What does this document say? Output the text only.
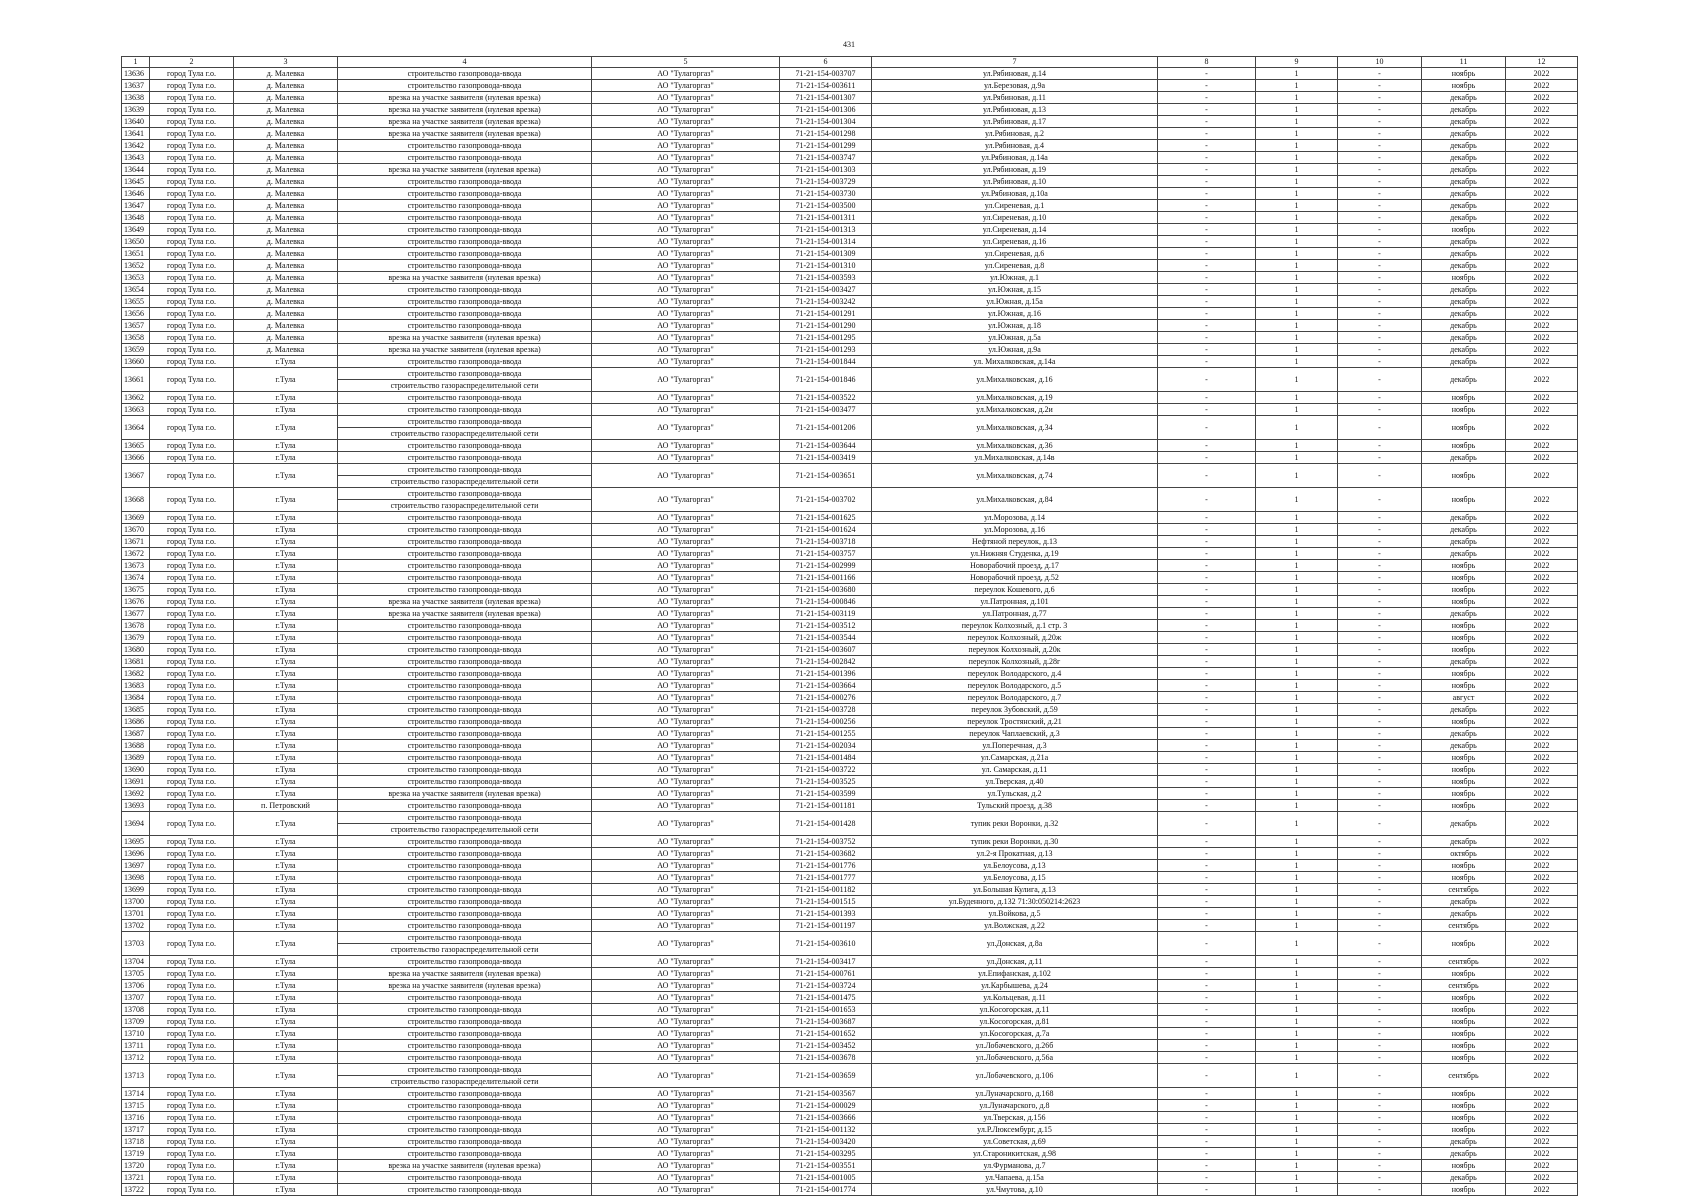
431
1	2	3	4	5	6	7	8	9	10	11	12
13636	город Тула г.о.	д. Малевка	строительство газопровода-ввода	АО "Тулагоргаз"	71-21-154-003707	ул.Рябиновая, д.14	-	1	-	ноябрь	2022
13637	город Тула г.о.	д. Малевка	строительство газопровода-ввода	АО "Тулагоргаз"	71-21-154-003611	ул.Березовая, д.9а	-	1	-	ноябрь	2022
13638	город Тула г.о.	д. Малевка	врезка на участке заявителя (нулевая врезка)	АО "Тулагоргаз"	71-21-154-001307	ул.Рябиновая, д.11	-	1	-	декабрь	2022
13639	город Тула г.о.	д. Малевка	врезка на участке заявителя (нулевая врезка)	АО "Тулагоргаз"	71-21-154-001306	ул.Рябиновая, д.13	-	1	-	декабрь	2022
13640	город Тула г.о.	д. Малевка	врезка на участке заявителя (нулевая врезка)	АО "Тулагоргаз"	71-21-154-001304	ул.Рябиновая, д.17	-	1	-	декабрь	2022
13641	город Тула г.о.	д. Малевка	врезка на участке заявителя (нулевая врезка)	АО "Тулагоргаз"	71-21-154-001298	ул.Рябиновая, д.2	-	1	-	декабрь	2022
13642	город Тула г.о.	д. Малевка	строительство газопровода-ввода	АО "Тулагоргаз"	71-21-154-001299	ул.Рябиновая, д.4	-	1	-	декабрь	2022
13643	город Тула г.о.	д. Малевка	строительство газопровода-ввода	АО "Тулагоргаз"	71-21-154-003747	ул.Рябиновая, д.14а	-	1	-	декабрь	2022
13644	город Тула г.о.	д. Малевка	врезка на участке заявителя (нулевая врезка)	АО "Тулагоргаз"	71-21-154-001303	ул.Рябиновая, д.19	-	1	-	декабрь	2022
13645	город Тула г.о.	д. Малевка	строительство газопровода-ввода	АО "Тулагоргаз"	71-21-154-003729	ул.Рябиновая, д.10	-	1	-	декабрь	2022
13646	город Тула г.о.	д. Малевка	строительство газопровода-ввода	АО "Тулагоргаз"	71-21-154-003730	ул.Рябиновая, д.10а	-	1	-	декабрь	2022
13647	город Тула г.о.	д. Малевка	строительство газопровода-ввода	АО "Тулагоргаз"	71-21-154-003500	ул.Сиреневая, д.1	-	1	-	декабрь	2022
13648	город Тула г.о.	д. Малевка	строительство газопровода-ввода	АО "Тулагоргаз"	71-21-154-001311	ул.Сиреневая, д.10	-	1	-	декабрь	2022
13649	город Тула г.о.	д. Малевка	строительство газопровода-ввода	АО "Тулагоргаз"	71-21-154-001313	ул.Сиреневая, д.14	-	1	-	ноябрь	2022
13650	город Тула г.о.	д. Малевка	строительство газопровода-ввода	АО "Тулагоргаз"	71-21-154-001314	ул.Сиреневая, д.16	-	1	-	декабрь	2022
13651	город Тула г.о.	д. Малевка	строительство газопровода-ввода	АО "Тулагоргаз"	71-21-154-001309	ул.Сиреневая, д.6	-	1	-	декабрь	2022
13652	город Тула г.о.	д. Малевка	строительство газопровода-ввода	АО "Тулагоргаз"	71-21-154-001310	ул.Сиреневая, д.8	-	1	-	декабрь	2022
13653	город Тула г.о.	д. Малевка	врезка на участке заявителя (нулевая врезка)	АО "Тулагоргаз"	71-21-154-003593	ул.Южная, д.1	-	1	-	ноябрь	2022
13654	город Тула г.о.	д. Малевка	строительство газопровода-ввода	АО "Тулагоргаз"	71-21-154-003427	ул.Южная, д.15	-	1	-	декабрь	2022
13655	город Тула г.о.	д. Малевка	строительство газопровода-ввода	АО "Тулагоргаз"	71-21-154-003242	ул.Южная, д.15а	-	1	-	декабрь	2022
13656	город Тула г.о.	д. Малевка	строительство газопровода-ввода	АО "Тулагоргаз"	71-21-154-001291	ул.Южная, д.16	-	1	-	декабрь	2022
13657	город Тула г.о.	д. Малевка	строительство газопровода-ввода	АО "Тулагоргаз"	71-21-154-001290	ул.Южная, д.18	-	1	-	декабрь	2022
13658	город Тула г.о.	д. Малевка	врезка на участке заявителя (нулевая врезка)	АО "Тулагоргаз"	71-21-154-001295	ул.Южная, д.5а	-	1	-	декабрь	2022
13659	город Тула г.о.	д. Малевка	врезка на участке заявителя (нулевая врезка)	АО "Тулагоргаз"	71-21-154-001293	ул.Южная, д.9а	-	1	-	декабрь	2022
13660	город Тула г.о.	г.Тула	строительство газопровода-ввода	АО "Тулагоргаз"	71-21-154-001844	ул. Михалковская, д.14а	-	1	-	декабрь	2022
13661	город Тула г.о.	г.Тула	строительство газопровода-ввода
строительство газораспределительной сети	АО "Тулагоргаз"	71-21-154-001846	ул.Михалковская, д.16	-	1	-	декабрь	2022
13662	город Тула г.о.	г.Тула	строительство газопровода-ввода	АО "Тулагоргаз"	71-21-154-003522	ул.Михалковская, д.19	-	1	-	ноябрь	2022
13663	город Тула г.о.	г.Тула	строительство газопровода-ввода	АО "Тулагоргаз"	71-21-154-003477	ул.Михалковская, д.2и	-	1	-	ноябрь	2022
13664	город Тула г.о.	г.Тула	строительство газопровода-ввода
строительство газораспределительной сети	АО "Тулагоргаз"	71-21-154-001206	ул.Михалковская, д.34	-	1	-	ноябрь	2022
13665	город Тула г.о.	г.Тула	строительство газопровода-ввода	АО "Тулагоргаз"	71-21-154-003644	ул.Михалковская, д.36	-	1	-	ноябрь	2022
13666	город Тула г.о.	г.Тула	строительство газопровода-ввода	АО "Тулагоргаз"	71-21-154-003419	ул.Михалковская, д.14в	-	1	-	декабрь	2022
13667	город Тула г.о.	г.Тула	строительство газопровода-ввода
строительство газораспределительной сети	АО "Тулагоргаз"	71-21-154-003651	ул.Михалковская, д.74	-	1	-	ноябрь	2022
13668	город Тула г.о.	г.Тула	строительство газопровода-ввода
строительство газораспределительной сети	АО "Тулагоргаз"	71-21-154-003702	ул.Михалковская, д.84	-	1	-	ноябрь	2022
13669	город Тула г.о.	г.Тула	строительство газопровода-ввода	АО "Тулагоргаз"	71-21-154-001625	ул.Морозова, д.14	-	1	-	декабрь	2022
13670	город Тула г.о.	г.Тула	строительство газопровода-ввода	АО "Тулагоргаз"	71-21-154-001624	ул.Морозова, д.16	-	1	-	декабрь	2022
13671	город Тула г.о.	г.Тула	строительство газопровода-ввода	АО "Тулагоргаз"	71-21-154-003718	Нефтяной переулок, д.13	-	1	-	декабрь	2022
13672	город Тула г.о.	г.Тула	строительство газопровода-ввода	АО "Тулагоргаз"	71-21-154-003757	ул.Нижняя Студенка, д.19	-	1	-	декабрь	2022
13673	город Тула г.о.	г.Тула	строительство газопровода-ввода	АО "Тулагоргаз"	71-21-154-002999	Новорабочий проезд, д.17	-	1	-	ноябрь	2022
13674	город Тула г.о.	г.Тула	строительство газопровода-ввода	АО "Тулагоргаз"	71-21-154-001166	Новорабочий проезд, д.52	-	1	-	ноябрь	2022
13675	город Тула г.о.	г.Тула	строительство газопровода-ввода	АО "Тулагоргаз"	71-21-154-003680	переулок Кошевого, д.6	-	1	-	ноябрь	2022
13676	город Тула г.о.	г.Тула	врезка на участке заявителя (нулевая врезка)	АО "Тулагоргаз"	71-21-154-000846	ул.Патронная, д.101	-	1	-	ноябрь	2022
13677	город Тула г.о.	г.Тула	врезка на участке заявителя (нулевая врезка)	АО "Тулагоргаз"	71-21-154-003119	ул.Патронная, д.77	-	1	-	декабрь	2022
13678	город Тула г.о.	г.Тула	строительство газопровода-ввода	АО "Тулагоргаз"	71-21-154-003512	переулок Колхозный, д.1 стр. 3	-	1	-	ноябрь	2022
13679	город Тула г.о.	г.Тула	строительство газопровода-ввода	АО "Тулагоргаз"	71-21-154-003544	переулок Колхозный, д.20ж	-	1	-	ноябрь	2022
13680	город Тула г.о.	г.Тула	строительство газопровода-ввода	АО "Тулагоргаз"	71-21-154-003607	переулок Колхозный, д.20к	-	1	-	ноябрь	2022
13681	город Тула г.о.	г.Тула	строительство газопровода-ввода	АО "Тулагоргаз"	71-21-154-002842	переулок Колхозный, д.28г	-	1	-	декабрь	2022
13682	город Тула г.о.	г.Тула	строительство газопровода-ввода	АО "Тулагоргаз"	71-21-154-001396	переулок Володарского, д.4	-	1	-	ноябрь	2022
13683	город Тула г.о.	г.Тула	строительство газопровода-ввода	АО "Тулагоргаз"	71-21-154-003664	переулок Володарского, д.5	-	1	-	ноябрь	2022
13684	город Тула г.о.	г.Тула	строительство газопровода-ввода	АО "Тулагоргаз"	71-21-154-000276	переулок Володарского, д.7	-	1	-	август	2022
13685	город Тула г.о.	г.Тула	строительство газопровода-ввода	АО "Тулагоргаз"	71-21-154-003728	переулок Зубовский, д.59	-	1	-	декабрь	2022
13686	город Тула г.о.	г.Тула	строительство газопровода-ввода	АО "Тулагоргаз"	71-21-154-000256	переулок Тростянский, д.21	-	1	-	ноябрь	2022
13687	город Тула г.о.	г.Тула	строительство газопровода-ввода	АО "Тулагоргаз"	71-21-154-001255	переулок Чаплаевский, д.3	-	1	-	декабрь	2022
13688	город Тула г.о.	г.Тула	строительство газопровода-ввода	АО "Тулагоргаз"	71-21-154-002034	ул.Поперечная, д.3	-	1	-	декабрь	2022
13689	город Тула г.о.	г.Тула	строительство газопровода-ввода	АО "Тулагоргаз"	71-21-154-001484	ул.Самарская, д.21а	-	1	-	ноябрь	2022
13690	город Тула г.о.	г.Тула	строительство газопровода-ввода	АО "Тулагоргаз"	71-21-154-003722	ул. Самарская, д.11	-	1	-	ноябрь	2022
13691	город Тула г.о.	г.Тула	строительство газопровода-ввода	АО "Тулагоргаз"	71-21-154-003525	ул.Тверская, д.40	-	1	-	ноябрь	2022
13692	город Тула г.о.	г.Тула	врезка на участке заявителя (нулевая врезка)	АО "Тулагоргаз"	71-21-154-003599	ул.Тульская, д.2	-	1	-	ноябрь	2022
13693	город Тула г.о.	п. Петровский	строительство газопровода-ввода	АО "Тулагоргаз"	71-21-154-001181	Тульский проезд, д.38	-	1	-	ноябрь	2022
13694	город Тула г.о.	г.Тула	строительство газопровода-ввода
строительство газораспределительной сети	АО "Тулагоргаз"	71-21-154-001428	тупик реки Воронки, д.32	-	1	-	декабрь	2022
13695	город Тула г.о.	г.Тула	строительство газопровода-ввода	АО "Тулагоргаз"	71-21-154-003752	тупик реки Воронки, д.30	-	1	-	декабрь	2022
13696	город Тула г.о.	г.Тула	строительство газопровода-ввода	АО "Тулагоргаз"	71-21-154-003682	ул.2-я Прокатная, д.13	-	1	-	октябрь	2022
13697	город Тула г.о.	г.Тула	строительство газопровода-ввода	АО "Тулагоргаз"	71-21-154-001776	ул.Белоусова, д.13	-	1	-	ноябрь	2022
13698	город Тула г.о.	г.Тула	строительство газопровода-ввода	АО "Тулагоргаз"	71-21-154-001777	ул.Белоусова, д.15	-	1	-	ноябрь	2022
13699	город Тула г.о.	г.Тула	строительство газопровода-ввода	АО "Тулагоргаз"	71-21-154-001182	ул.Большая Кулига, д.13	-	1	-	сентябрь	2022
13700	город Тула г.о.	г.Тула	строительство газопровода-ввода	АО "Тулагоргаз"	71-21-154-001515	ул.Буденного, д.132 71:30:050214:2623	-	1	-	декабрь	2022
13701	город Тула г.о.	г.Тула	строительство газопровода-ввода	АО "Тулагоргаз"	71-21-154-001393	ул.Войкова, д.5	-	1	-	декабрь	2022
13702	город Тула г.о.	г.Тула	строительство газопровода-ввода	АО "Тулагоргаз"	71-21-154-001197	ул.Волжская, д.22	-	1	-	сентябрь	2022
13703	город Тула г.о.	г.Тула	строительство газопровода-ввода
строительство газораспределительной сети	АО "Тулагоргаз"	71-21-154-003610	ул.Донская, д.8а	-	1	-	ноябрь	2022
13704	город Тула г.о.	г.Тула	строительство газопровода-ввода	АО "Тулагоргаз"	71-21-154-003417	ул.Донская, д.11	-	1	-	сентябрь	2022
13705	город Тула г.о.	г.Тула	врезка на участке заявителя (нулевая врезка)	АО "Тулагоргаз"	71-21-154-000761	ул.Епифанская, д.102	-	1	-	ноябрь	2022
13706	город Тула г.о.	г.Тула	врезка на участке заявителя (нулевая врезка)	АО "Тулагоргаз"	71-21-154-003724	ул.Карбышева, д.24	-	1	-	сентябрь	2022
13707	город Тула г.о.	г.Тула	строительство газопровода-ввода	АО "Тулагоргаз"	71-21-154-001475	ул.Кольцевая, д.11	-	1	-	ноябрь	2022
13708	город Тула г.о.	г.Тула	строительство газопровода-ввода	АО "Тулагоргаз"	71-21-154-001653	ул.Косогорская, д.11	-	1	-	ноябрь	2022
13709	город Тула г.о.	г.Тула	строительство газопровода-ввода	АО "Тулагоргаз"	71-21-154-003687	ул.Косогорская, д.81	-	1	-	ноябрь	2022
13710	город Тула г.о.	г.Тула	строительство газопровода-ввода	АО "Тулагоргаз"	71-21-154-001652	ул.Косогорская, д.7а	-	1	-	ноябрь	2022
13711	город Тула г.о.	г.Тула	строительство газопровода-ввода	АО "Тулагоргаз"	71-21-154-003452	ул.Лобачевского, д.26б	-	1	-	ноябрь	2022
13712	город Тула г.о.	г.Тула	строительство газопровода-ввода	АО "Тулагоргаз"	71-21-154-003678	ул.Лобачевского, д.56а	-	1	-	ноябрь	2022
13713	город Тула г.о.	г.Тула	строительство газопровода-ввода
строительство газораспределительной сети	АО "Тулагоргаз"	71-21-154-003659	ул.Лобачевского, д.106	-	1	-	сентябрь	2022
13714	город Тула г.о.	г.Тула	строительство газопровода-ввода	АО "Тулагоргаз"	71-21-154-003567	ул.Луначарского, д.168	-	1	-	ноябрь	2022
13715	город Тула г.о.	г.Тула	строительство газопровода-ввода	АО "Тулагоргаз"	71-21-154-000029	ул.Луначарского, д.8	-	1	-	ноябрь	2022
13716	город Тула г.о.	г.Тула	строительство газопровода-ввода	АО "Тулагоргаз"	71-21-154-003666	ул.Тверская, д.156	-	1	-	ноябрь	2022
13717	город Тула г.о.	г.Тула	строительство газопровода-ввода	АО "Тулагоргаз"	71-21-154-001132	ул.Р.Люксембург, д.15	-	1	-	ноябрь	2022
13718	город Тула г.о.	г.Тула	строительство газопровода-ввода	АО "Тулагоргаз"	71-21-154-003420	ул.Советская, д.69	-	1	-	декабрь	2022
13719	город Тула г.о.	г.Тула	строительство газопровода-ввода	АО "Тулагоргаз"	71-21-154-003295	ул.Староникитская, д.98	-	1	-	декабрь	2022
13720	город Тула г.о.	г.Тула	врезка на участке заявителя (нулевая врезка)	АО "Тулагоргаз"	71-21-154-003551	ул.Фурманова, д.7	-	1	-	ноябрь	2022
13721	город Тула г.о.	г.Тула	строительство газопровода-ввода	АО "Тулагоргаз"	71-21-154-001005	ул.Чапаева, д.15а	-	1	-	декабрь	2022
13722	город Тула г.о.	г.Тула	строительство газопровода-ввода	АО "Тулагоргаз"	71-21-154-001774	ул.Чмутова, д.10	-	1	-	ноябрь	2022
